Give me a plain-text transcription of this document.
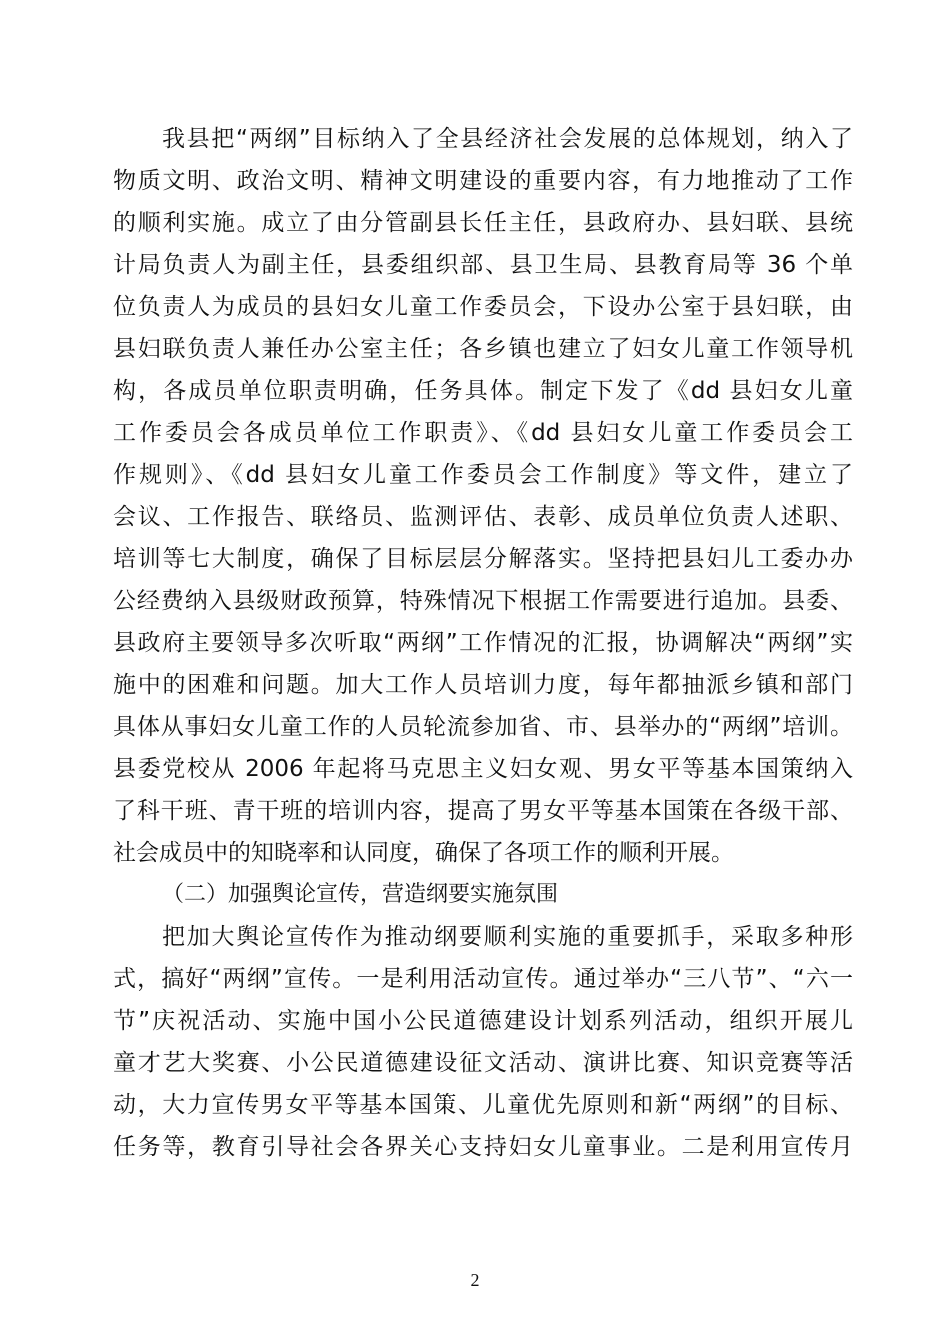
我县把“两纲”目标纳入了全县经济社会发展的总体规划，纳入了
物质文明、政治文明、精神文明建设的重要内容，有力地推动了工作
的顺利实施。成立了由分管副县长任主任，县政府办、县妇联、县统
计局负责人为副主任，县委组织部、县卫生局、县教育局等 36 个单
位负责人为成员的县妇女儿童工作委员会，下设办公室于县妇联，由
县妇联负责人兼任办公室主任；各乡镇也建立了妇女儿童工作领导机
构，各成员单位职责明确，任务具体。制定下发了《dd 县妇女儿童
工作委员会各成员单位工作职责》、《dd 县妇女儿童工作委员会工
作规则》、《dd 县妇女儿童工作委员会工作制度》等文件，建立了
会议、工作报告、联络员、监测评估、表彰、成员单位负责人述职、
培训等七大制度，确保了目标层层分解落实。坚持把县妇儿工委办办
公经费纳入县级财政预算，特殊情况下根据工作需要进行追加。县委、
县政府主要领导多次听取“两纲”工作情况的汇报，协调解决“两纲”实
施中的困难和问题。加大工作人员培训力度，每年都抽派乡镇和部门
具体从事妇女儿童工作的人员轮流参加省、市、县举办的“两纲”培训。
县委党校从 2006 年起将马克思主义妇女观、男女平等基本国策纳入
了科干班、青干班的培训内容，提高了男女平等基本国策在各级干部、
社会成员中的知晓率和认同度，确保了各项工作的顺利开展。
（二）加强舆论宣传，营造纲要实施氛围
把加大舆论宣传作为推动纲要顺利实施的重要抓手，采取多种形
式，搞好“两纲”宣传。一是利用活动宣传。通过举办“三八节”、“六一
节”庆祝活动、实施中国小公民道德建设计划系列活动，组织开展儿
童才艺大奖赛、小公民道德建设征文活动、演讲比赛、知识竞赛等活
动，大力宣传男女平等基本国策、儿童优先原则和新“两纲”的目标、
任务等，教育引导社会各界关心支持妇女儿童事业。二是利用宣传月
2
